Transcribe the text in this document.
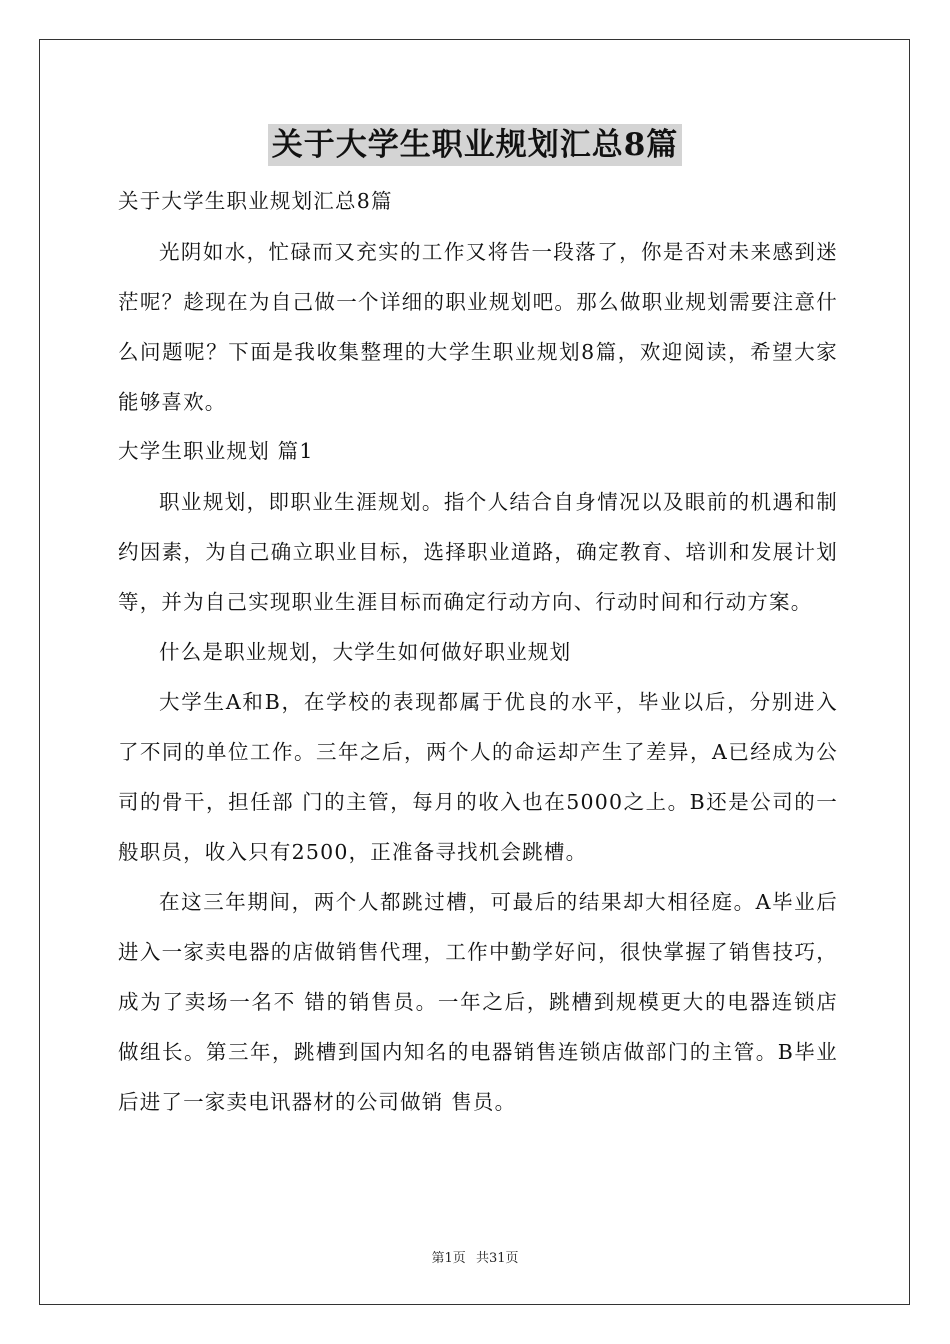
关于大学生职业规划汇总8篇
关于大学生职业规划汇总8篇
光阴如水，忙碌而又充实的工作又将告一段落了，你是否对未来感到迷茫呢？趁现在为自己做一个详细的职业规划吧。那么做职业规划需要注意什么问题呢？下面是我收集整理的大学生职业规划8篇，欢迎阅读，希望大家能够喜欢。
大学生职业规划 篇1
职业规划，即职业生涯规划。指个人结合自身情况以及眼前的机遇和制约因素，为自己确立职业目标，选择职业道路，确定教育、培训和发展计划等，并为自己实现职业生涯目标而确定行动方向、行动时间和行动方案。
什么是职业规划，大学生如何做好职业规划
大学生A和B，在学校的表现都属于优良的水平，毕业以后，分别进入了不同的单位工作。三年之后，两个人的命运却产生了差异，A已经成为公司的骨干，担任部 门的主管，每月的收入也在5000之上。B还是公司的一般职员，收入只有2500，正准备寻找机会跳槽。
在这三年期间，两个人都跳过槽，可最后的结果却大相径庭。A毕业后进入一家卖电器的店做销售代理，工作中勤学好问，很快掌握了销售技巧，成为了卖场一名不 错的销售员。一年之后，跳槽到规模更大的电器连锁店做组长。第三年，跳槽到国内知名的电器销售连锁店做部门的主管。B毕业后进了一家卖电讯器材的公司做销 售员。
第1页 共31页
